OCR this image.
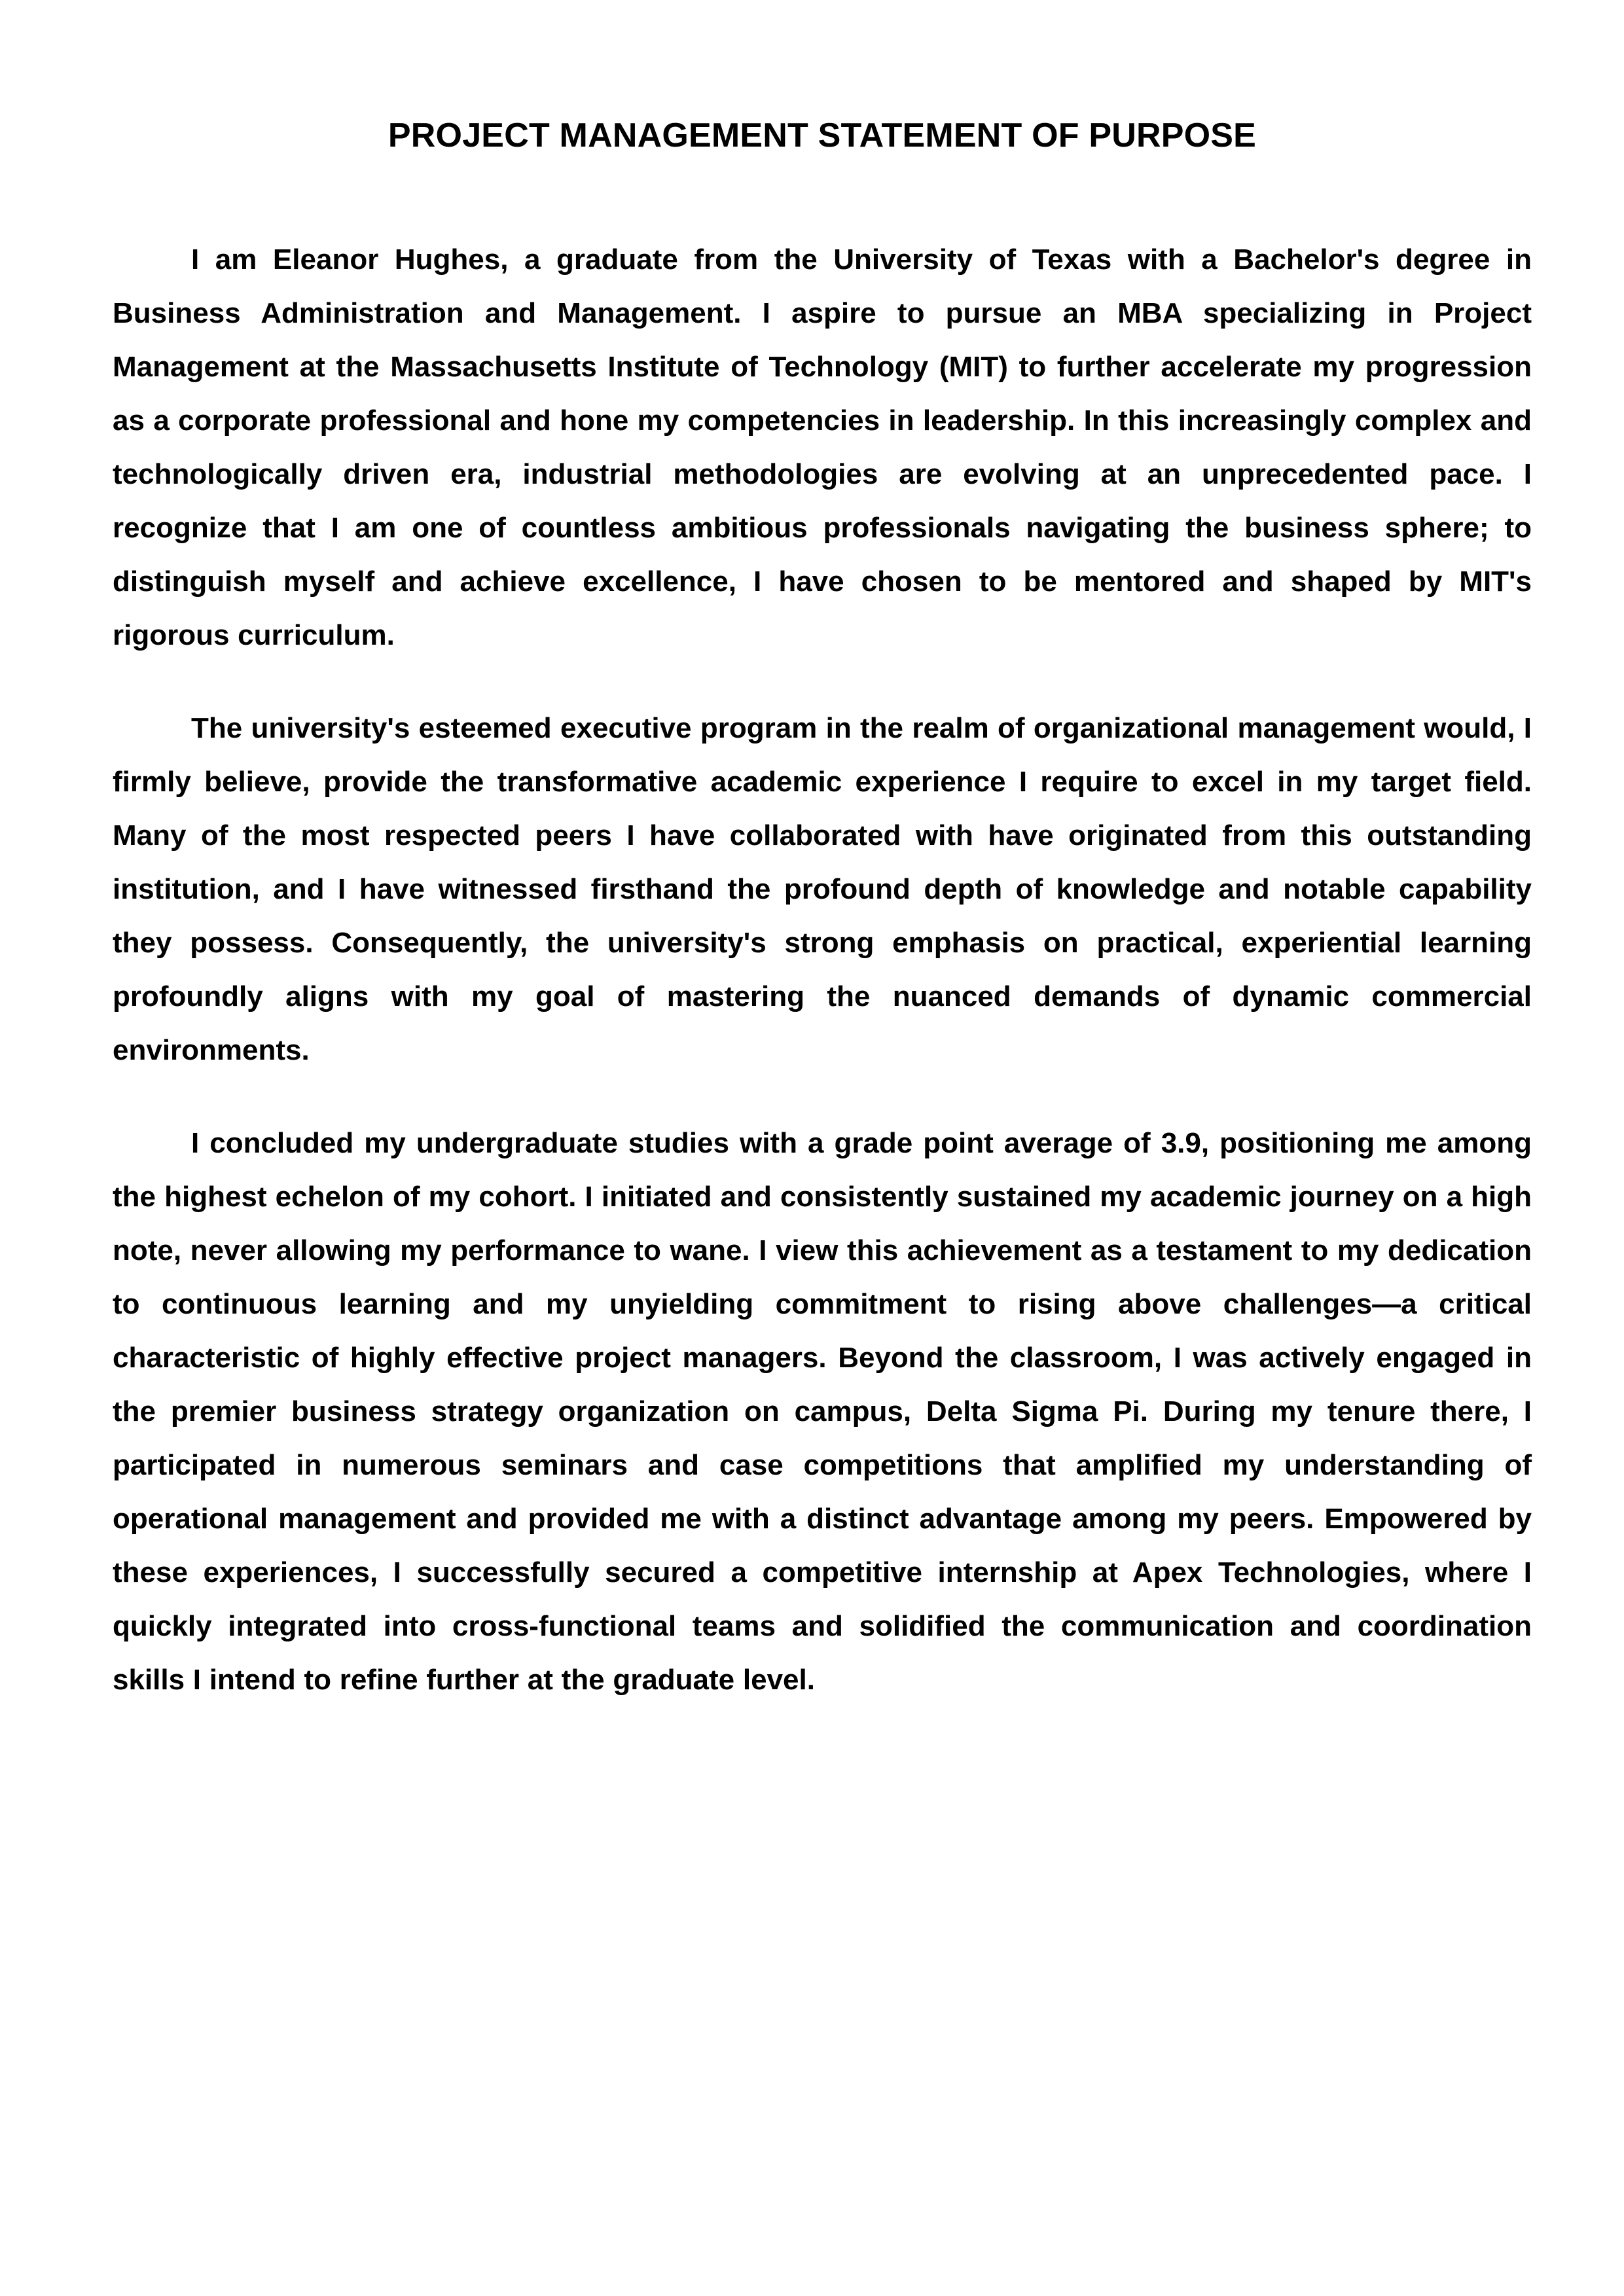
PROJECT MANAGEMENT STATEMENT OF PURPOSE

I am Eleanor Hughes, a graduate from the University of Texas with a Bachelor's degree in Business Administration and Management. I aspire to pursue an MBA specializing in Project Management at the Massachusetts Institute of Technology (MIT) to further accelerate my progression as a corporate professional and hone my competencies in leadership. In this increasingly complex and technologically driven era, industrial methodologies are evolving at an unprecedented pace. I recognize that I am one of countless ambitious professionals navigating the business sphere; to distinguish myself and achieve excellence, I have chosen to be mentored and shaped by MIT's rigorous curriculum.

The university's esteemed executive program in the realm of organizational management would, I firmly believe, provide the transformative academic experience I require to excel in my target field. Many of the most respected peers I have collaborated with have originated from this outstanding institution, and I have witnessed firsthand the profound depth of knowledge and notable capability they possess. Consequently, the university's strong emphasis on practical, experiential learning profoundly aligns with my goal of mastering the nuanced demands of dynamic commercial environments.

I concluded my undergraduate studies with a grade point average of 3.9, positioning me among the highest echelon of my cohort. I initiated and consistently sustained my academic journey on a high note, never allowing my performance to wane. I view this achievement as a testament to my dedication to continuous learning and my unyielding commitment to rising above challenges—a critical characteristic of highly effective project managers. Beyond the classroom, I was actively engaged in the premier business strategy organization on campus, Delta Sigma Pi. During my tenure there, I participated in numerous seminars and case competitions that amplified my understanding of operational management and provided me with a distinct advantage among my peers. Empowered by these experiences, I successfully secured a competitive internship at Apex Technologies, where I quickly integrated into cross-functional teams and solidified the communication and coordination skills I intend to refine further at the graduate level.
